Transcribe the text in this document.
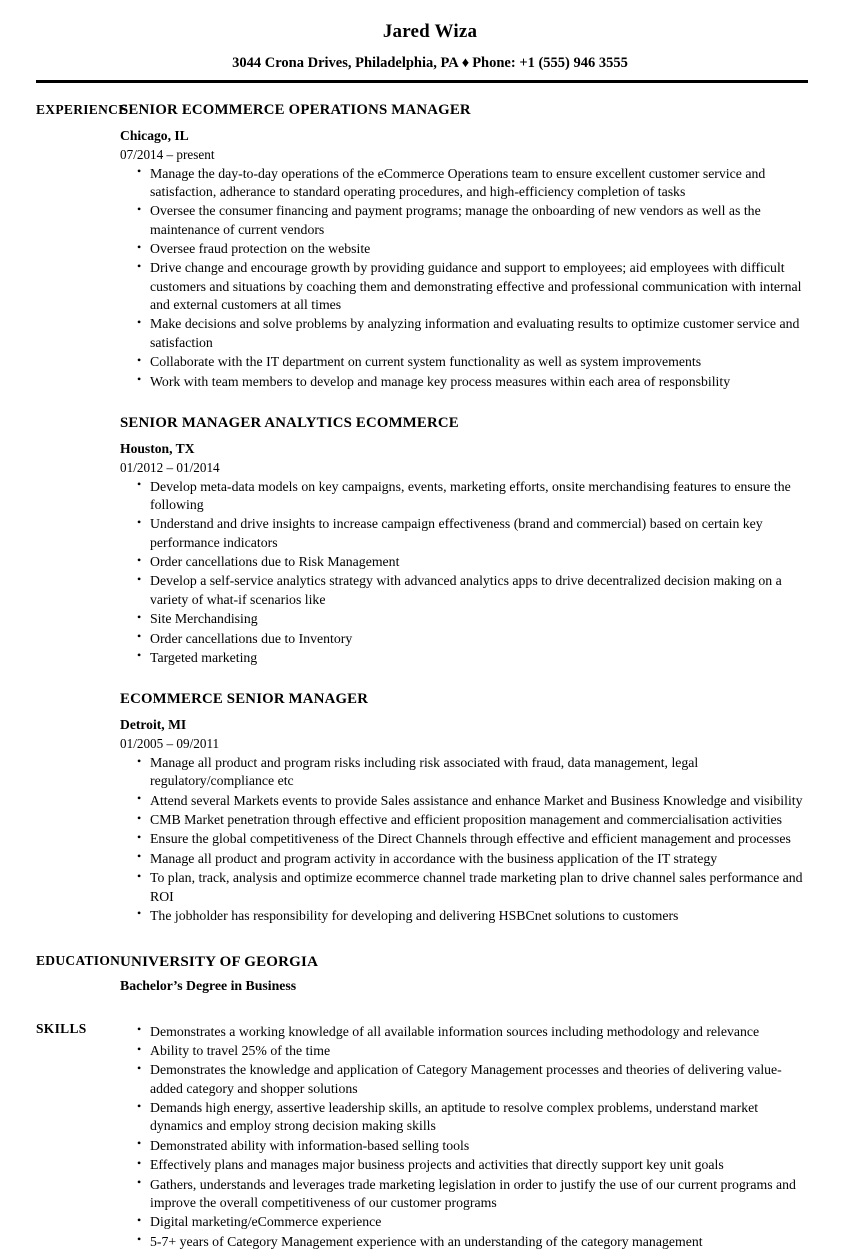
Jared Wiza
3044 Crona Drives, Philadelphia, PA ♦ Phone: +1 (555) 946 3555
EXPERIENCE
SENIOR ECOMMERCE OPERATIONS MANAGER
Chicago, IL
07/2014 – present
• Manage the day-to-day operations of the eCommerce Operations team to ensure excellent customer service and satisfaction, adherance to standard operating procedures, and high-efficiency completion of tasks
• Oversee the consumer financing and payment programs; manage the onboarding of new vendors as well as the maintenance of current vendors
• Oversee fraud protection on the website
• Drive change and encourage growth by providing guidance and support to employees; aid employees with difficult customers and situations by coaching them and demonstrating effective and professional communication with internal and external customers at all times
• Make decisions and solve problems by analyzing information and evaluating results to optimize customer service and satisfaction
• Collaborate with the IT department on current system functionality as well as system improvements
• Work with team members to develop and manage key process measures within each area of responsbility
SENIOR MANAGER ANALYTICS ECOMMERCE
Houston, TX
01/2012 – 01/2014
• Develop meta-data models on key campaigns, events, marketing efforts, onsite merchandising features to ensure the following
• Understand and drive insights to increase campaign effectiveness (brand and commercial) based on certain key performance indicators
• Order cancellations due to Risk Management
• Develop a self-service analytics strategy with advanced analytics apps to drive decentralized decision making on a variety of what-if scenarios like
• Site Merchandising
• Order cancellations due to Inventory
• Targeted marketing
ECOMMERCE SENIOR MANAGER
Detroit, MI
01/2005 – 09/2011
• Manage all product and program risks including risk associated with fraud, data management, legal regulatory/compliance etc
• Attend several Markets events to provide Sales assistance and enhance Market and Business Knowledge and visibility
• CMB Market penetration through effective and efficient proposition management and commercialisation activities
• Ensure the global competitiveness of the Direct Channels through effective and efficient management and processes
• Manage all product and program activity in accordance with the business application of the IT strategy
• To plan, track, analysis and optimize ecommerce channel trade marketing plan to drive channel sales performance and ROI
• The jobholder has responsibility for developing and delivering HSBCnet solutions to customers
EDUCATION UNIVERSITY OF GEORGIA
Bachelor’s Degree in Business
SKILLS	• Demonstrates a working knowledge of all available information sources including methodology and relevance
• Ability to travel 25% of the time
• Demonstrates the knowledge and application of Category Management processes and theories of delivering value-added category and shopper solutions
• Demands high energy, assertive leadership skills, an aptitude to resolve complex problems, understand market dynamics and employ strong decision making skills
• Demonstrated ability with information-based selling tools
• Effectively plans and manages major business projects and activities that directly support key unit goals
• Gathers, understands and leverages trade marketing legislation in order to justify the use of our current programs and improve the overall competitiveness of our customer programs
• Digital marketing/eCommerce experience
• 5-7+ years of Category Management experience with an understanding of the category management
